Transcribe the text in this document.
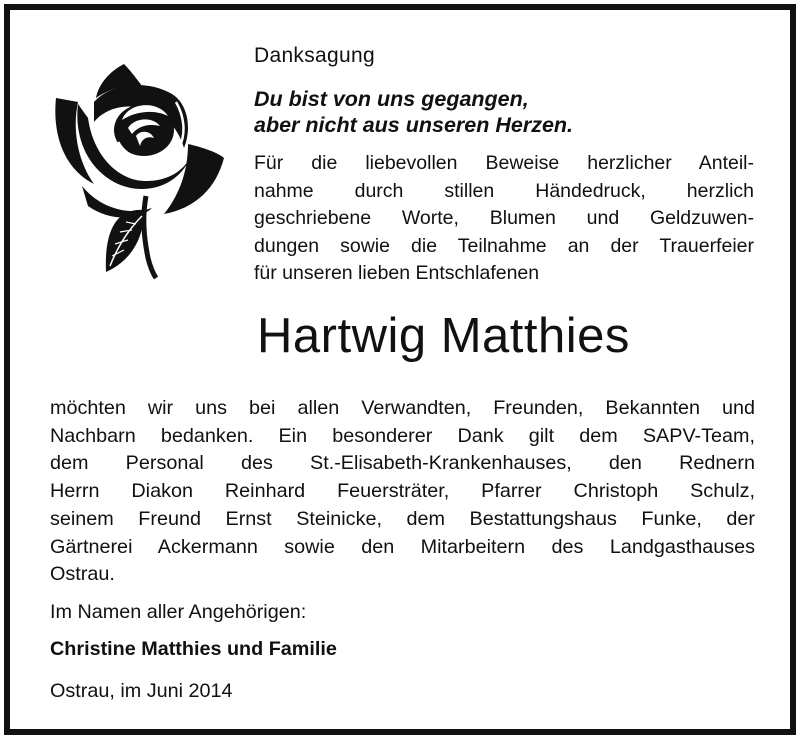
Danksagung
Du bist von uns gegangen,
aber nicht aus unseren Herzen.
Für die liebevollen Beweise herzlicher Anteil-
nahme durch stillen Händedruck, herzlich
geschriebene Worte, Blumen und Geldzuwen-
dungen sowie die Teilnahme an der Trauerfeier
für unseren lieben Entschlafenen
Hartwig Matthies
möchten wir uns bei allen Verwandten, Freunden, Bekannten und
Nachbarn bedanken. Ein besonderer Dank gilt dem SAPV-Team,
dem Personal des St.-Elisabeth-Krankenhauses, den Rednern
Herrn Diakon Reinhard Feuersträter, Pfarrer Christoph Schulz,
seinem Freund Ernst Steinicke, dem Bestattungshaus Funke, der
Gärtnerei Ackermann sowie den Mitarbeitern des Landgasthauses
Ostrau.
Im Namen aller Angehörigen:
Christine Matthies und Familie
Ostrau, im Juni 2014
